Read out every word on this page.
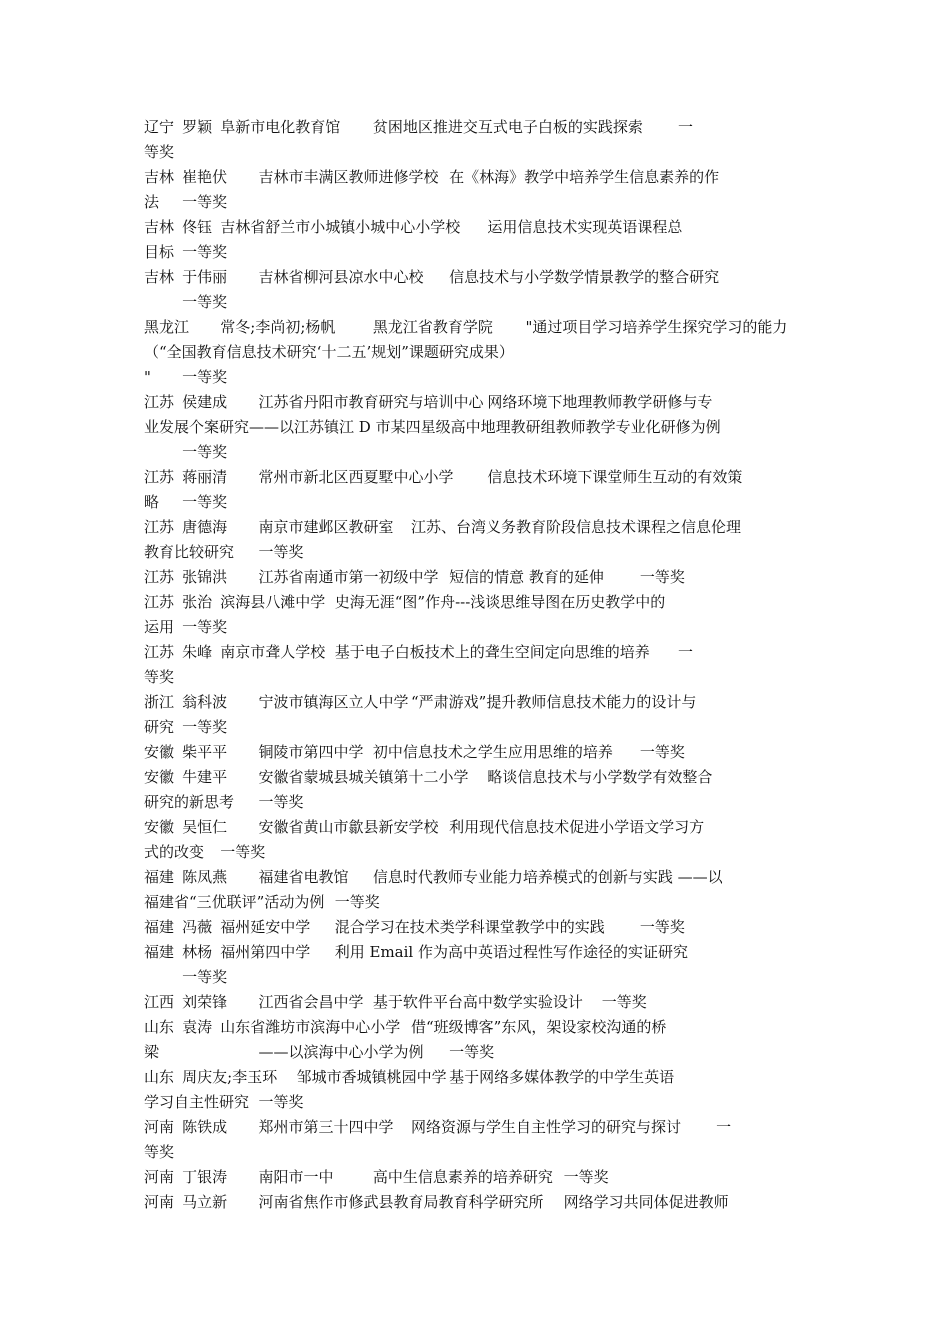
辽宁	罗颖	阜新市电化教育馆	贫困地区推进交互式电子白板的实践探索	一
等奖
吉林	崔艳伏	吉林市丰满区教师进修学校	在《林海》教学中培养学生信息素养的作
法	一等奖
吉林	佟钰	吉林省舒兰市小城镇小城中心小学校	运用信息技术实现英语课程总
目标	一等奖
吉林	于伟丽	吉林省柳河县凉水中心校	信息技术与小学数学情景教学的整合研究
	一等奖
黑龙江	常冬;李尚初;杨帆	黑龙江省教育学院	"通过项目学习培养学生探究学习的能力
（“全国教育信息技术研究‘十二五’规划”课题研究成果）
"	一等奖
江苏	侯建成	江苏省丹阳市教育研究与培训中心	网络环境下地理教师教学研修与专
业发展个案研究——以江苏镇江 D 市某四星级高中地理教研组教师教学专业化研修为例
	一等奖
江苏	蒋丽清	常州市新北区西夏墅中心小学	信息技术环境下课堂师生互动的有效策
略	一等奖
江苏	唐德海	南京市建邺区教研室	江苏、台湾义务教育阶段信息技术课程之信息伦理
教育比较研究	一等奖
江苏	张锦洪	江苏省南通市第一初级中学	短信的情意 教育的延伸	一等奖
江苏	张治	滨海县八滩中学	史海无涯“图”作舟---浅谈思维导图在历史教学中的
运用	一等奖
江苏	朱峰	南京市聋人学校	基于电子白板技术上的聋生空间定向思维的培养	一
等奖
浙江	翁科波	宁波市镇海区立人中学	“严肃游戏”提升教师信息技术能力的设计与
研究	一等奖
安徽	柴平平	铜陵市第四中学	初中信息技术之学生应用思维的培养	一等奖
安徽	牛建平	安徽省蒙城县城关镇第十二小学	略谈信息技术与小学数学有效整合
研究的新思考	一等奖
安徽	吴恒仁	安徽省黄山市歙县新安学校	利用现代信息技术促进小学语文学习方
式的改变	一等奖
福建	陈凤燕	福建省电教馆	信息时代教师专业能力培养模式的创新与实践 ——以
福建省“三优联评”活动为例	一等奖
福建	冯薇	福州延安中学	混合学习在技术类学科课堂教学中的实践	一等奖
福建	林杨	福州第四中学	利用 Email 作为高中英语过程性写作途径的实证研究
	一等奖
江西	刘荣锋	江西省会昌中学	基于软件平台高中数学实验设计	一等奖
山东	袁涛	山东省潍坊市滨海中心小学	借“班级博客”东风，架设家校沟通的桥
梁			——以滨海中心小学为例	一等奖
山东	周庆友;李玉环	邹城市香城镇桃园中学	基于网络多媒体教学的中学生英语
学习自主性研究	一等奖
河南	陈铁成	郑州市第三十四中学	网络资源与学生自主性学习的研究与探讨	一
等奖
河南	丁银涛	南阳市一中	高中生信息素养的培养研究	一等奖
河南	马立新	河南省焦作市修武县教育局教育科学研究所	网络学习共同体促进教师
